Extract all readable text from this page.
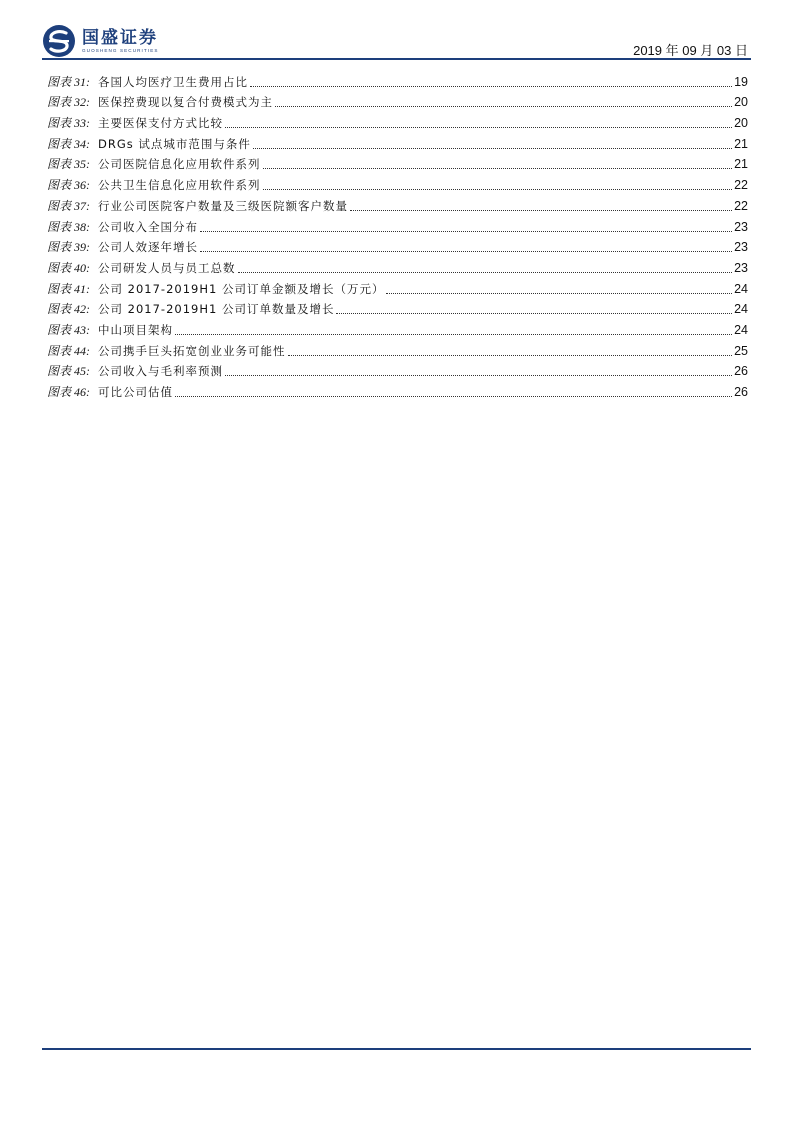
国盛证券
GUOSHENG SECURITIES	2019 年 09 月 03 日
图表 31: 各国人均医疗卫生费用占比	19
图表 32: 医保控费现以复合付费模式为主	20
图表 33: 主要医保支付方式比较	20
图表 34: DRGs 试点城市范围与条件	21
图表 35: 公司医院信息化应用软件系列	21
图表 36: 公共卫生信息化应用软件系列	22
图表 37: 行业公司医院客户数量及三级医院额客户数量	22
图表 38: 公司收入全国分布	23
图表 39: 公司人效逐年增长	23
图表 40: 公司研发人员与员工总数	23
图表 41: 公司 2017-2019H1 公司订单金额及增长（万元）	24
图表 42: 公司 2017-2019H1 公司订单数量及增长	24
图表 43: 中山项目架构	24
图表 44: 公司携手巨头拓宽创业业务可能性	25
图表 45: 公司收入与毛利率预测	26
图表 46: 可比公司估值	26
